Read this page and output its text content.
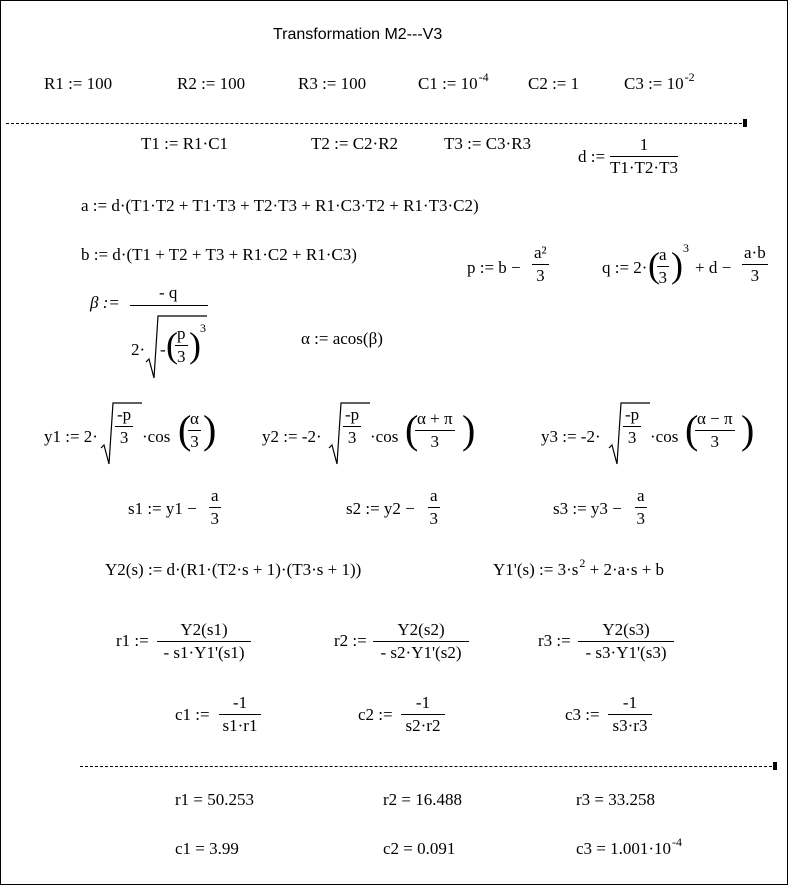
Transformation M2---V3
R1 := 100	R2 := 100	R3 := 100	C1 := $10^{-4}$ C2 := 1	C3 := $10^{-2}$
T1 := R1·C1	T2 := C2·R2	T3 := C3·R3
d := $\frac{1}{T1\cdot T2\cdot T3}$
a := d·(T1·T2 + T1·T3 + T2·T3 + R1·C3·T2 + R1·T3·C2)
b := d·(T1 + T2 + T3 + R1·C2 + R1·C3)
p := $b - \frac{\text{a²}}{3}$	q := 2· (
$\frac{a}{3}$ ) 3
+ $d - \frac{a\cdot b}{3}$
β :=
- q
2· - (
$\frac{p}{3}$ ) 3
α := acos(β)
y1 := $2\cdot \frac{-p}{3} \cdot\cos$ (
$\frac{\alpha}{3}$ )	y2 := $-2\cdot \frac{-p}{3} \cdot\cos$ (
$\frac{\alpha + \pi}{3}$ )	y3 := $-2\cdot \frac{-p}{3} \cdot\cos$ (
$\frac{\alpha - \pi}{3}$ )
s1 := $y1 - \frac{a}{3}$	s2 := $y2 - \frac{a}{3}$	s3 := $y3 - \frac{a}{3}$
Y2(s) := d·(R1·(T2·s + 1)·(T3·s + 1))	Y1'(s) := $3\cdot s^2 + 2\cdot a\cdot s + b$
r1 := $\frac{Y2(s1)}{- s1\cdot Y1'(s1)}$	r2 := $\frac{Y2(s2)}{- s2\cdot Y1'(s2)}$	r3 := $\frac{Y2(s3)}{- s3\cdot Y1'(s3)}$
c1 := $\frac{-1}{s1\cdot r1}$	c2 := $\frac{-1}{s2\cdot r2}$	c3 := $\frac{-1}{s3\cdot r3}$
r1 = 50.253	r2 = 16.488	r3 = 33.258
c1 = 3.99	c2 = 0.091	$c3 = 1.001\cdot 10^{-4}$
